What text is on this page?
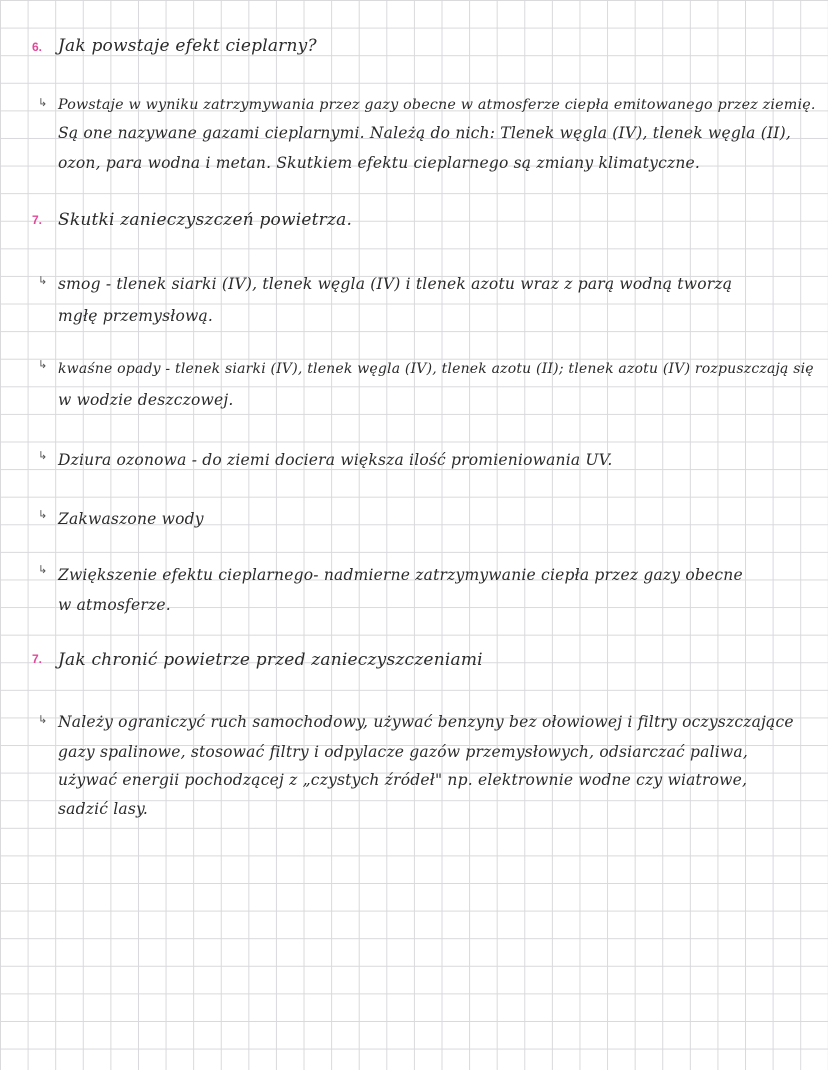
6. Jak powstaje efekt cieplarny?
↳ Powstaje w wyniku zatrzymywania przez gazy obecne w atmosferze ciepła emitowanego przez ziemię.
Są one nazywane gazami cieplarnymi. Należą do nich: Tlenek węgla (IV), tlenek węgla (II),
ozon, para wodna i metan. Skutkiem efektu cieplarnego są zmiany klimatyczne.
7. Skutki zanieczyszczeń powietrza.
↳ smog - tlenek siarki (IV), tlenek węgla (IV) i tlenek azotu wraz z parą wodną tworzą
mgłę przemysłową.
↳ kwaśne opady - tlenek siarki (IV), tlenek węgla (IV), tlenek azotu (II); tlenek azotu (IV) rozpuszczają się
w wodzie deszczowej.
↳ Dziura ozonowa - do ziemi dociera większa ilość promieniowania UV.
↳ Zakwaszone wody
↳ Zwiększenie efektu cieplarnego- nadmierne zatrzymywanie ciepła przez gazy obecne
w atmosferze.
7. Jak chronić powietrze przed zanieczyszczeniami
↳ Należy ograniczyć ruch samochodowy, używać benzyny bez ołowiowej i filtry oczyszczające
gazy spalinowe, stosować filtry i odpylacze gazów przemysłowych, odsiarczać paliwa,
używać energii pochodzącej z „czystych źródeł" np. elektrownie wodne czy wiatrowe,
sadzić lasy.
